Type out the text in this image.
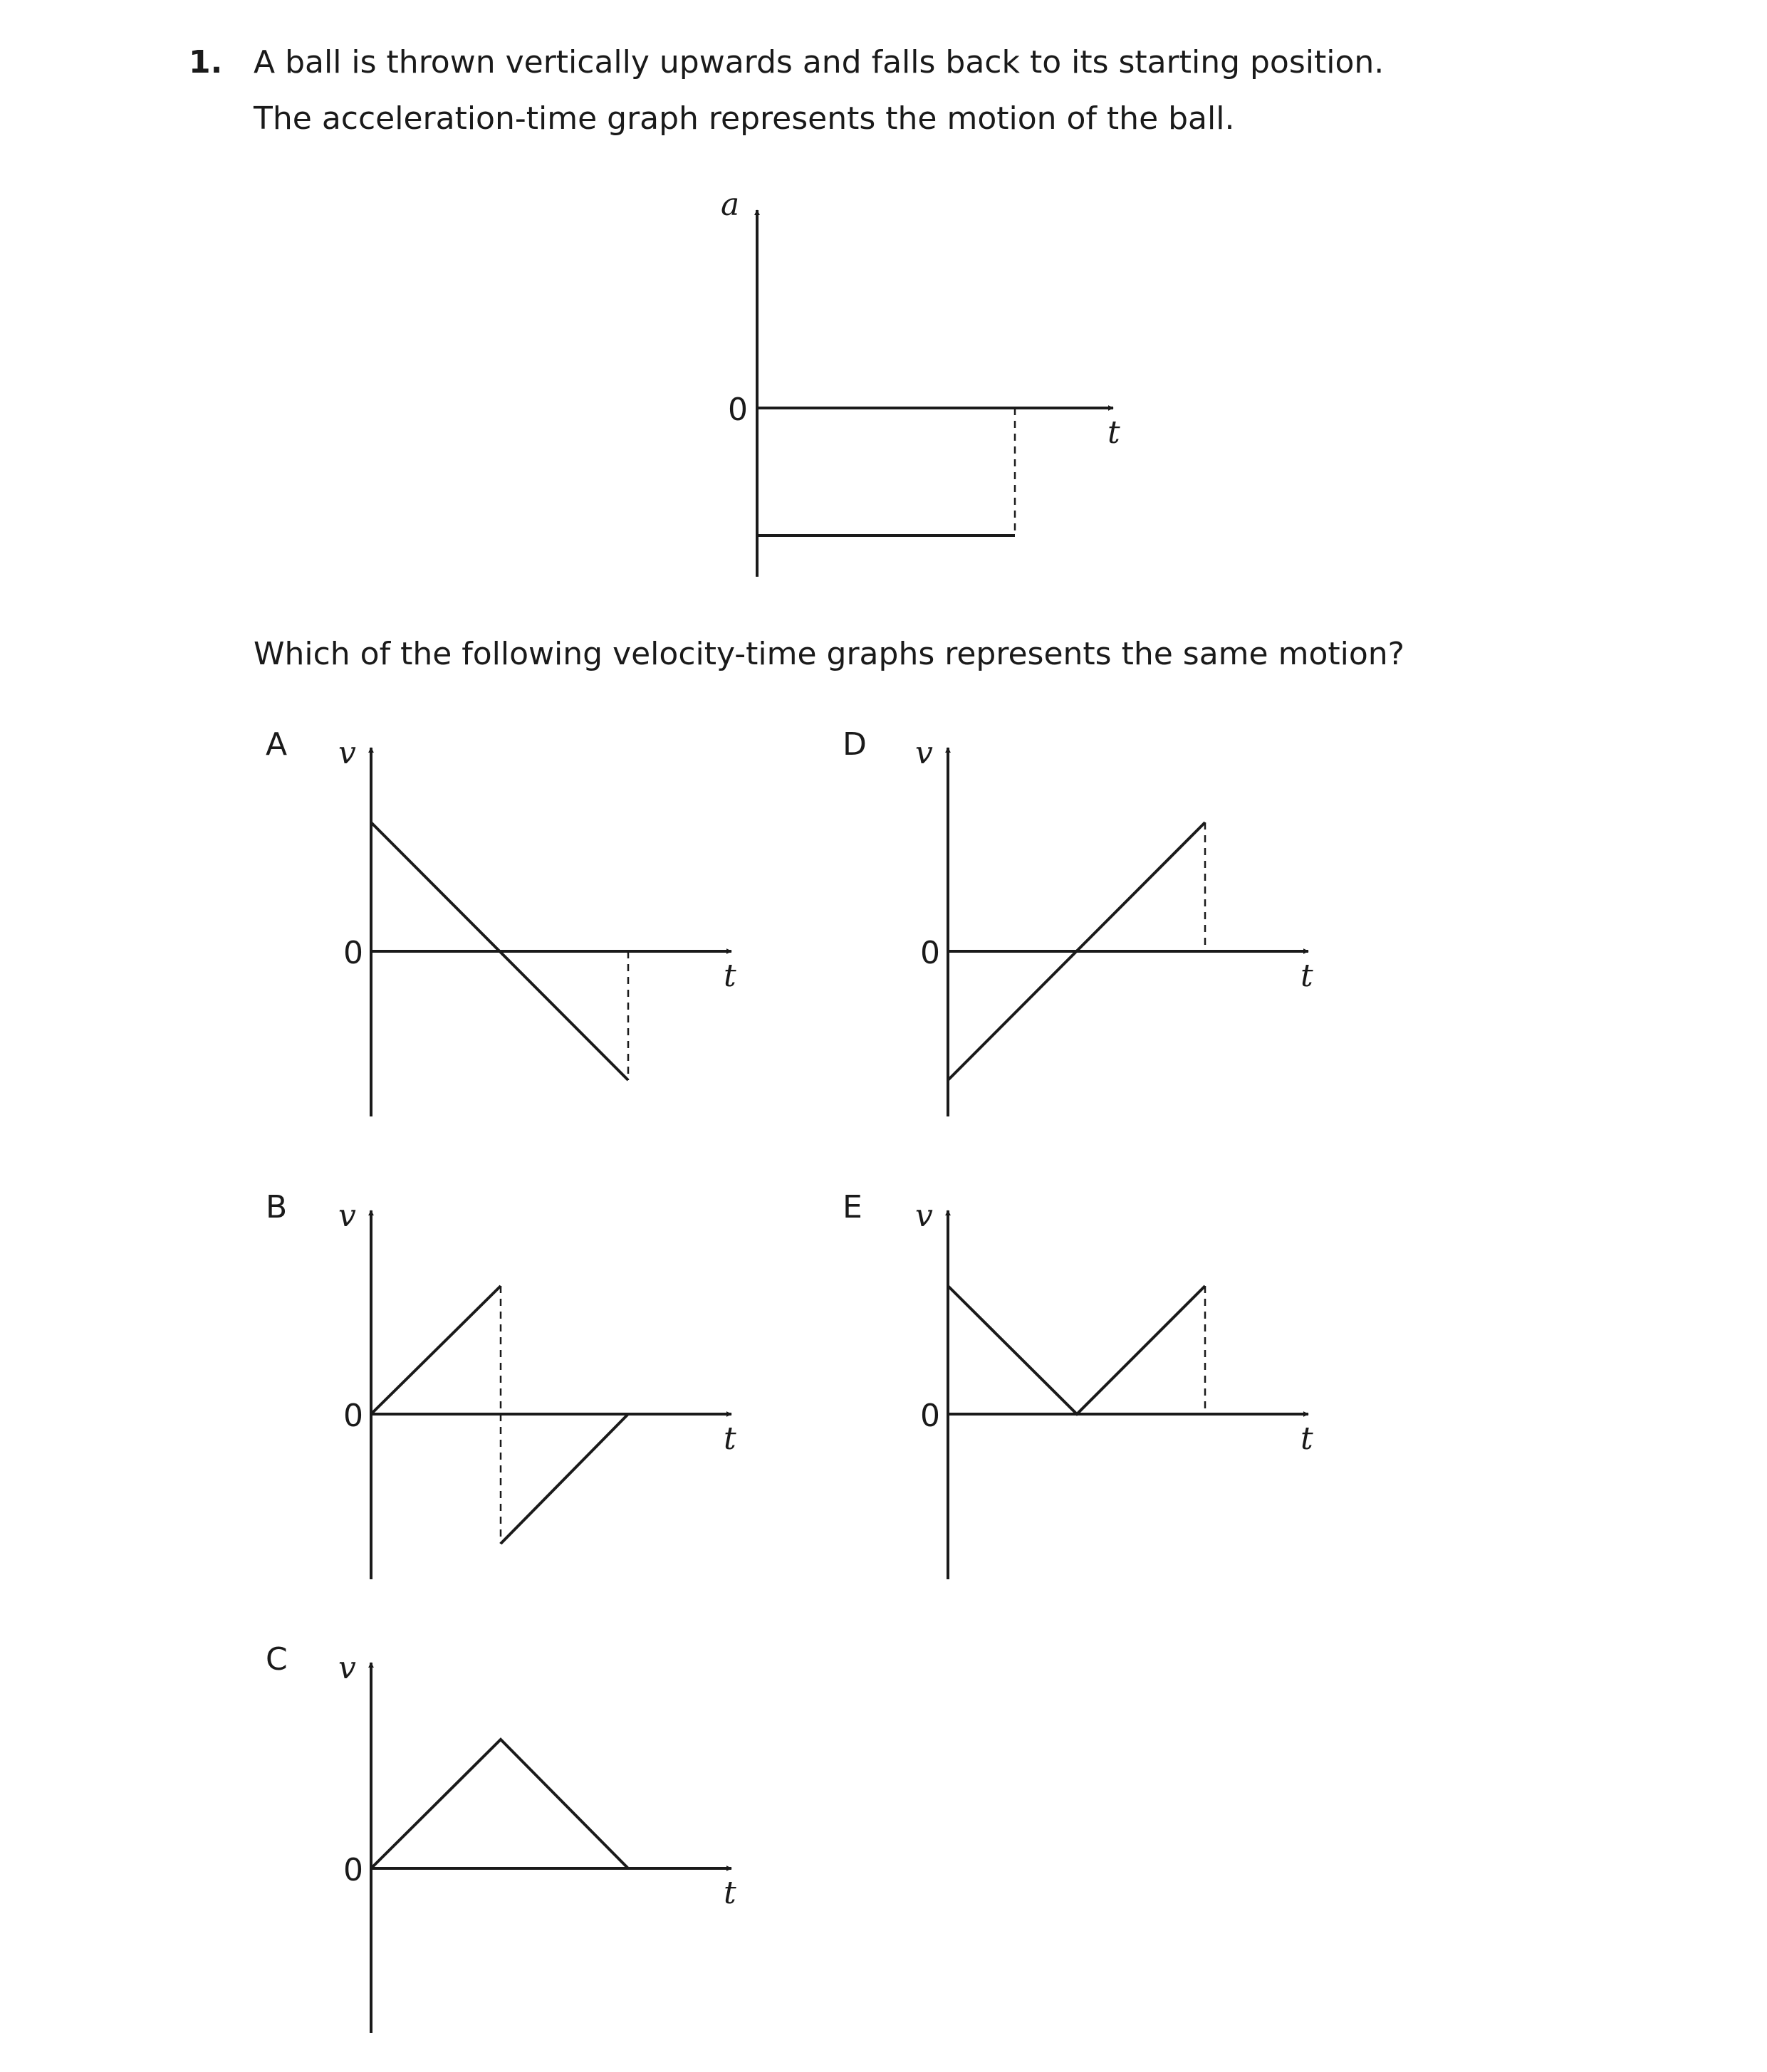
1. A ball is thrown vertically upwards and falls back to its starting position.
The acceleration-time graph represents the motion of the ball.
Which of the following velocity-time graphs represents the same motion?
A
B
C
D
E
a
t
0
v
t
0
v
t
0
v
t
0
v
t
0
v
t
0
